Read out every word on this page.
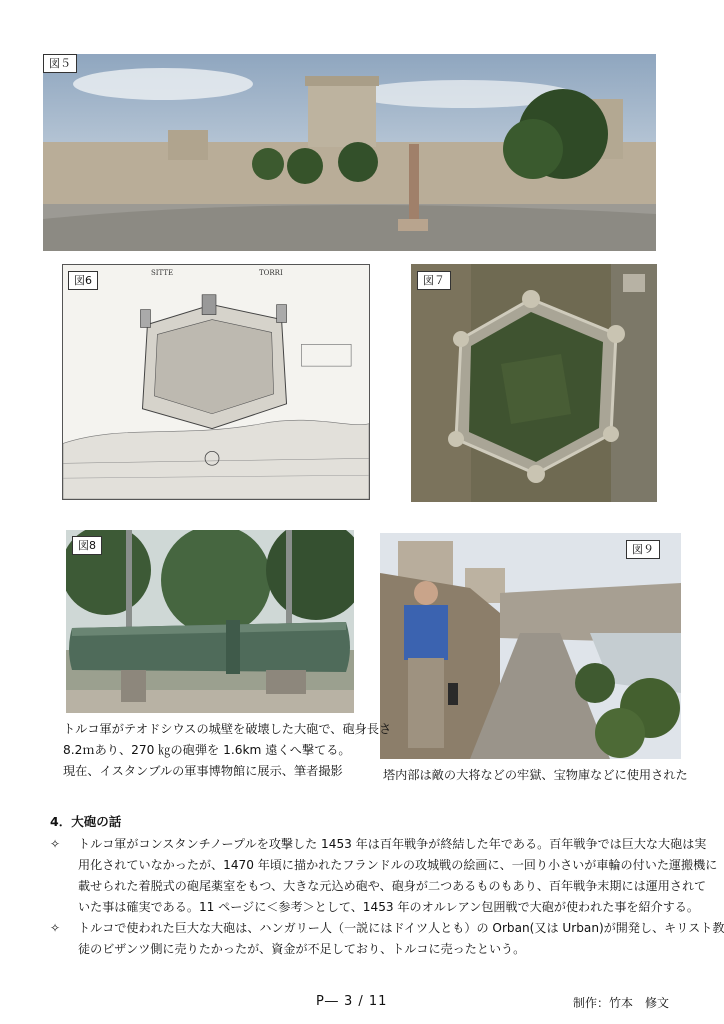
図５
SITTE	TORRI
図6	図７
図8	図９
トルコ軍がテオドシウスの城壁を破壊した大砲で、砲身長さ
8.2ｍあり、270 ㎏の砲弾を 1.6km 遠くへ撃てる。
現在、イスタンブルの軍事博物館に展示、筆者撮影	塔内部は敵の大将などの牢獄、宝物庫などに使用された
4．大砲の話
✧ トルコ軍がコンスタンチノープルを攻撃した 1453 年は百年戦争が終結した年である。百年戦争では巨大な大砲は実
用化されていなかったが、1470 年頃に描かれたフランドルの攻城戦の絵画に、一回り小さいが車輪の付いた運搬機に
載せられた着脱式の砲尾薬室をもつ、大きな元込め砲や、砲身が二つあるものもあり、百年戦争末期には運用されて
いた事は確実である。11 ページに＜参考＞として、1453 年のオルレアン包囲戦で大砲が使われた事を紹介する。
✧ トルコで使われた巨大な大砲は、ハンガリー人（一説にはドイツ人とも）の Orban(又は Urban)が開発し、キリスト教
徒のビザンツ側に売りたかったが、資金が不足しており、トルコに売ったという。
P― 3 / 11	制作：竹本　修文
